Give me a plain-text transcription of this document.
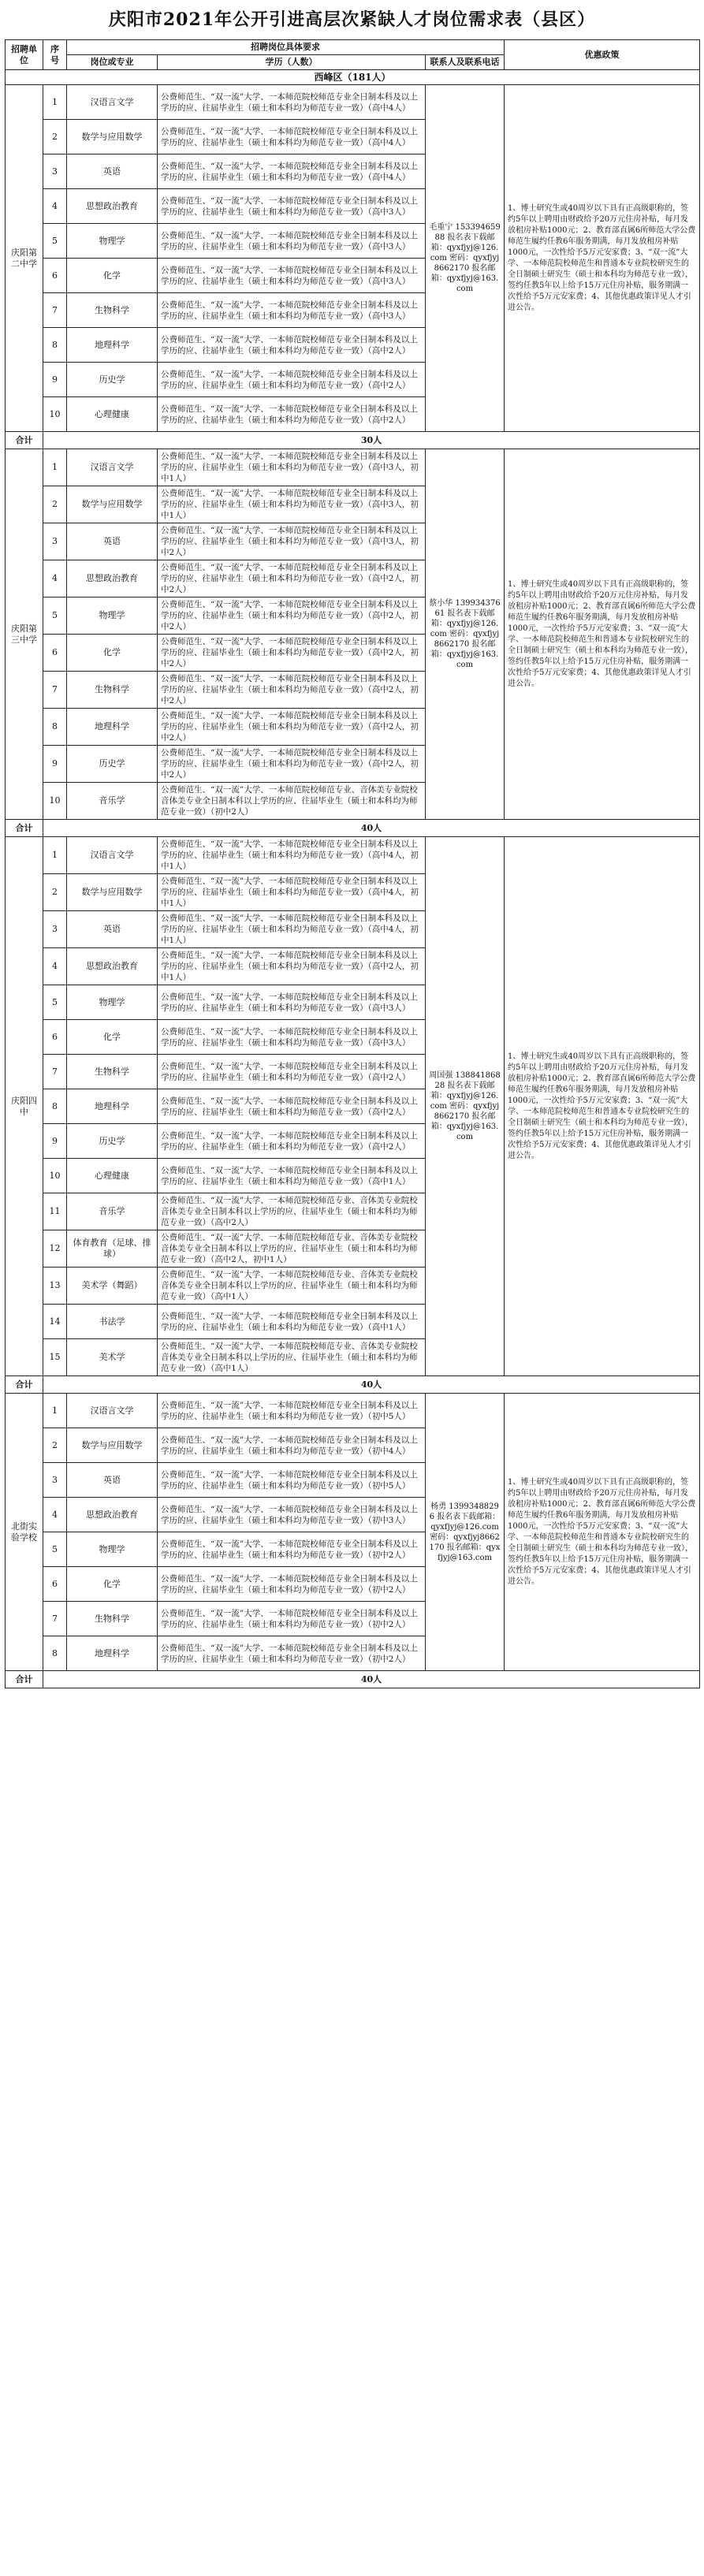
庆阳市2021年公开引进高层次紧缺人才岗位需求表（县区）
招聘单位	序号	招聘岗位具体要求			优惠政策
		岗位或专业	学历（人数）	联系人及联系电话	
西峰区（181人）					
庆阳第二中学	1	汉语言文学	公费师范生、“双一流”大学、一本师范院校师范专业全日制本科及以上学历的应、往届毕业生（硕士和本科均为师范专业一致）（高中4人）	毛重宁 15339465988 报名表下载邮箱：qyxfjyj@126.com 密码：qyxfjyj8662170 报名邮箱：qyxfjyj@163.com	1、博士研究生或40周岁以下具有正高级职称的，签约5年以上聘用由财政给予20万元住房补贴，每月发放租房补贴1000元；2、教育部直属6所师范大学公费师范生履约任教6年服务期满，每月发放租房补贴1000元，一次性给予5万元安家费；3、“双一流”大学、一本师范院校师范生和普通本专业院校研究生的全日制硕士研究生（硕士和本科均为师范专业一致），签约任教5年以上给予15万元住房补贴，服务期满一次性给予5万元安家费；4、其他优惠政策详见人才引进公告。
	2	数学与应用数学	公费师范生、“双一流”大学、一本师范院校师范专业全日制本科及以上学历的应、往届毕业生（硕士和本科均为师范专业一致）（高中4人）		
	3	英语	公费师范生、“双一流”大学、一本师范院校师范专业全日制本科及以上学历的应、往届毕业生（硕士和本科均为师范专业一致）（高中4人）		
	4	思想政治教育	公费师范生、“双一流”大学、一本师范院校师范专业全日制本科及以上学历的应、往届毕业生（硕士和本科均为师范专业一致）（高中3人）		
	5	物理学	公费师范生、“双一流”大学、一本师范院校师范专业全日制本科及以上学历的应、往届毕业生（硕士和本科均为师范专业一致）（高中3人）		
	6	化学	公费师范生、“双一流”大学、一本师范院校师范专业全日制本科及以上学历的应、往届毕业生（硕士和本科均为师范专业一致）（高中3人）		
	7	生物科学	公费师范生、“双一流”大学、一本师范院校师范专业全日制本科及以上学历的应、往届毕业生（硕士和本科均为师范专业一致）（高中3人）		
	8	地理科学	公费师范生、“双一流”大学、一本师范院校师范专业全日制本科及以上学历的应、往届毕业生（硕士和本科均为师范专业一致）（高中2人）		
	9	历史学	公费师范生、“双一流”大学、一本师范院校师范专业全日制本科及以上学历的应、往届毕业生（硕士和本科均为师范专业一致）（高中2人）		
	10	心理健康	公费师范生、“双一流”大学、一本师范院校师范专业全日制本科及以上学历的应、往届毕业生（硕士和本科均为师范专业一致）（高中2人）		
合计	30人				
庆阳第三中学	1	汉语言文学	公费师范生、“双一流”大学、一本师范院校师范专业全日制本科及以上学历的应、往届毕业生（硕士和本科均为师范专业一致）（高中3人，初中1人）	蔡小华 13993437661 报名表下载邮箱：qyxfjyj@126.com 密码：qyxfjyj8662170 报名邮箱：qyxfjyj@163.com	1、博士研究生或40周岁以下具有正高级职称的，签约5年以上聘用由财政给予20万元住房补贴，每月发放租房补贴1000元；2、教育部直属6所师范大学公费师范生履约任教6年服务期满，每月发放租房补贴1000元，一次性给予5万元安家费；3、“双一流”大学、一本师范院校师范生和普通本专业院校研究生的全日制硕士研究生（硕士和本科均为师范专业一致），签约任教5年以上给予15万元住房补贴，服务期满一次性给予5万元安家费；4、其他优惠政策详见人才引进公告。
	2	数学与应用数学	公费师范生、“双一流”大学、一本师范院校师范专业全日制本科及以上学历的应、往届毕业生（硕士和本科均为师范专业一致）（高中3人，初中1人）		
	3	英语	公费师范生、“双一流”大学、一本师范院校师范专业全日制本科及以上学历的应、往届毕业生（硕士和本科均为师范专业一致）（高中3人，初中2人）		
	4	思想政治教育	公费师范生、“双一流”大学、一本师范院校师范专业全日制本科及以上学历的应、往届毕业生（硕士和本科均为师范专业一致）（高中2人，初中2人）		
	5	物理学	公费师范生、“双一流”大学、一本师范院校师范专业全日制本科及以上学历的应、往届毕业生（硕士和本科均为师范专业一致）（高中2人，初中2人）		
	6	化学	公费师范生、“双一流”大学、一本师范院校师范专业全日制本科及以上学历的应、往届毕业生（硕士和本科均为师范专业一致）（高中2人，初中2人）		
	7	生物科学	公费师范生、“双一流”大学、一本师范院校师范专业全日制本科及以上学历的应、往届毕业生（硕士和本科均为师范专业一致）（高中2人，初中2人）		
	8	地理科学	公费师范生、“双一流”大学、一本师范院校师范专业全日制本科及以上学历的应、往届毕业生（硕士和本科均为师范专业一致）（高中2人，初中2人）		
	9	历史学	公费师范生、“双一流”大学、一本师范院校师范专业全日制本科及以上学历的应、往届毕业生（硕士和本科均为师范专业一致）（高中2人，初中2人）		
	10	音乐学	公费师范生、“双一流”大学、一本师范院校师范专业、音体美专业院校音体美专业全日制本科以上学历的应、往届毕业生（硕士和本科均为师范专业一致）（初中2人）		
合计	40人				
庆阳四中	1	汉语言文学	公费师范生、“双一流”大学、一本师范院校师范专业全日制本科及以上学历的应、往届毕业生（硕士和本科均为师范专业一致）（高中4人，初中1人）	周国强 13884186828 报名表下载邮箱：qyxfjyj@126.com 密码：qyxfjyj8662170 报名邮箱：qyxfjyj@163.com	1、博士研究生或40周岁以下具有正高级职称的，签约5年以上聘用由财政给予20万元住房补贴，每月发放租房补贴1000元；2、教育部直属6所师范大学公费师范生履约任教6年服务期满，每月发放租房补贴1000元，一次性给予5万元安家费；3、“双一流”大学、一本师范院校师范生和普通本专业院校研究生的全日制硕士研究生（硕士和本科均为师范专业一致），签约任教5年以上给予15万元住房补贴，服务期满一次性给予5万元安家费；4、其他优惠政策详见人才引进公告。
	2	数学与应用数学	公费师范生、“双一流”大学、一本师范院校师范专业全日制本科及以上学历的应、往届毕业生（硕士和本科均为师范专业一致）（高中4人，初中1人）		
	3	英语	公费师范生、“双一流”大学、一本师范院校师范专业全日制本科及以上学历的应、往届毕业生（硕士和本科均为师范专业一致）（高中4人，初中1人）		
	4	思想政治教育	公费师范生、“双一流”大学、一本师范院校师范专业全日制本科及以上学历的应、往届毕业生（硕士和本科均为师范专业一致）（高中2人，初中1人）		
	5	物理学	公费师范生、“双一流”大学、一本师范院校师范专业全日制本科及以上学历的应、往届毕业生（硕士和本科均为师范专业一致）（高中3人）		
	6	化学	公费师范生、“双一流”大学、一本师范院校师范专业全日制本科及以上学历的应、往届毕业生（硕士和本科均为师范专业一致）（高中3人）		
	7	生物科学	公费师范生、“双一流”大学、一本师范院校师范专业全日制本科及以上学历的应、往届毕业生（硕士和本科均为师范专业一致）（高中2人）		
	8	地理科学	公费师范生、“双一流”大学、一本师范院校师范专业全日制本科及以上学历的应、往届毕业生（硕士和本科均为师范专业一致）（高中2人）		
	9	历史学	公费师范生、“双一流”大学、一本师范院校师范专业全日制本科及以上学历的应、往届毕业生（硕士和本科均为师范专业一致）（高中2人）		
	10	心理健康	公费师范生、“双一流”大学、一本师范院校师范专业全日制本科及以上学历的应、往届毕业生（硕士和本科均为师范专业一致）（高中1人）		
	11	音乐学	公费师范生、“双一流”大学、一本师范院校师范专业、音体美专业院校音体美专业全日制本科以上学历的应、往届毕业生（硕士和本科均为师范专业一致）（高中2人）		
	12	体育教育（足球、排球）	公费师范生、“双一流”大学、一本师范院校师范专业、音体美专业院校音体美专业全日制本科以上学历的应、往届毕业生（硕士和本科均为师范专业一致）（高中2人，初中1人）		
	13	美术学（舞蹈）	公费师范生、“双一流”大学、一本师范院校师范专业、音体美专业院校音体美专业全日制本科以上学历的应、往届毕业生（硕士和本科均为师范专业一致）（高中1人）		
	14	书法学	公费师范生、“双一流”大学、一本师范院校师范专业全日制本科及以上学历的应、往届毕业生（硕士和本科均为师范专业一致）（高中1人）		
	15	美术学	公费师范生、“双一流”大学、一本师范院校师范专业、音体美专业院校音体美专业全日制本科以上学历的应、往届毕业生（硕士和本科均为师范专业一致）（高中1人）		
合计	40人				
北街实验学校	1	汉语言文学	公费师范生、“双一流”大学、一本师范院校师范专业全日制本科及以上学历的应、往届毕业生（硕士和本科均为师范专业一致）（初中5人）	杨勇 13993488296 报名表下载邮箱：qyxfjyj@126.com 密码：qyxfjyj8662170 报名邮箱：qyxfjyj@163.com	1、博士研究生或40周岁以下具有正高级职称的，签约5年以上聘用由财政给予20万元住房补贴，每月发放租房补贴1000元；2、教育部直属6所师范大学公费师范生履约任教6年服务期满，每月发放租房补贴1000元，一次性给予5万元安家费；3、“双一流”大学、一本师范院校师范生和普通本专业院校研究生的全日制硕士研究生（硕士和本科均为师范专业一致），签约任教5年以上给予15万元住房补贴，服务期满一次性给予5万元安家费；4、其他优惠政策详见人才引进公告。
	2	数学与应用数学	公费师范生、“双一流”大学、一本师范院校师范专业全日制本科及以上学历的应、往届毕业生（硕士和本科均为师范专业一致）（初中4人）		
	3	英语	公费师范生、“双一流”大学、一本师范院校师范专业全日制本科及以上学历的应、往届毕业生（硕士和本科均为师范专业一致）（初中5人）		
	4	思想政治教育	公费师范生、“双一流”大学、一本师范院校师范专业全日制本科及以上学历的应、往届毕业生（硕士和本科均为师范专业一致）（初中3人）		
	5	物理学	公费师范生、“双一流”大学、一本师范院校师范专业全日制本科及以上学历的应、往届毕业生（硕士和本科均为师范专业一致）（初中2人）		
	6	化学	公费师范生、“双一流”大学、一本师范院校师范专业全日制本科及以上学历的应、往届毕业生（硕士和本科均为师范专业一致）（初中2人）		
	7	生物科学	公费师范生、“双一流”大学、一本师范院校师范专业全日制本科及以上学历的应、往届毕业生（硕士和本科均为师范专业一致）（初中2人）		
	8	地理科学	公费师范生、“双一流”大学、一本师范院校师范专业全日制本科及以上学历的应、往届毕业生（硕士和本科均为师范专业一致）（初中2人）		
合计	40人				
